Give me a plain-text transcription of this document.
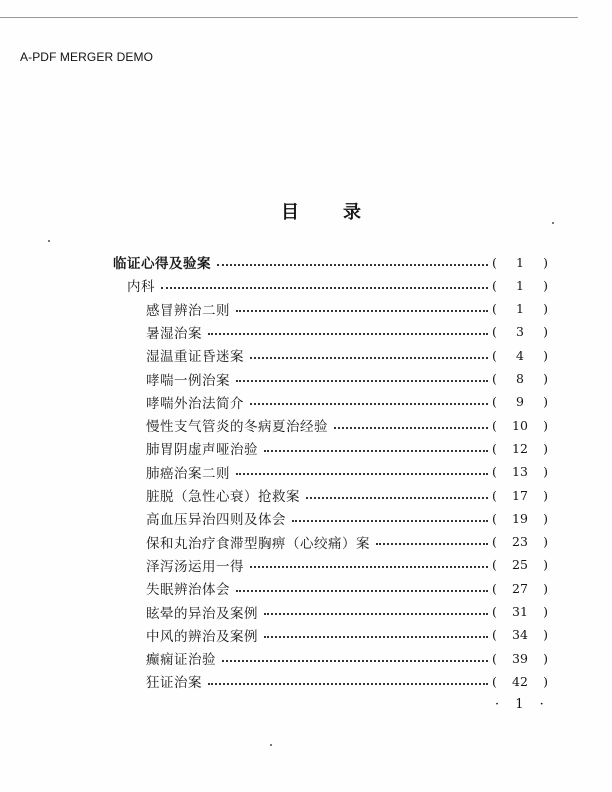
A-PDF MERGER DEMO
目 录
临证心得及验案	(	1	)
内科	(	1	)
感冒辨治二则	(	1	)
暑湿治案	(	3	)
湿温重证昏迷案	(	4	)
哮喘一例治案	(	8	)
哮喘外治法简介	(	9	)
慢性支气管炎的冬病夏治经验	(	10	)
肺胃阴虚声哑治验	(	12	)
肺癌治案二则	(	13	)
脏脱（急性心衰）抢救案	(	17	)
高血压异治四则及体会	(	19	)
保和丸治疗食滞型胸痹（心绞痛）案	(	23	)
泽泻汤运用一得	(	25	)
失眠辨治体会	(	27	)
眩晕的异治及案例	(	31	)
中风的辨治及案例	(	34	)
癫痫证治验	(	39	)
狂证治案	(	42	)
· 1 ·
